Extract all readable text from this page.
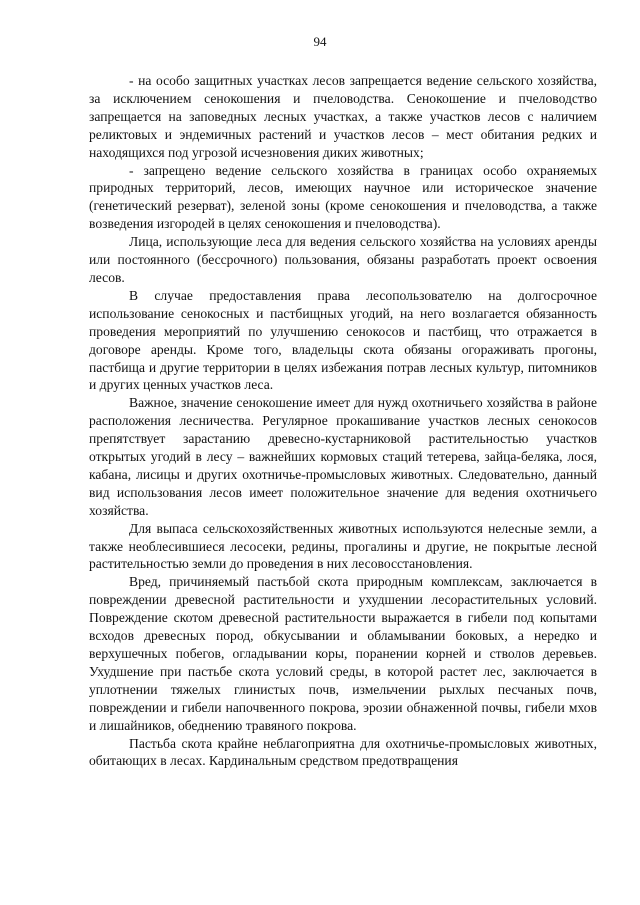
94

- на особо защитных участках лесов запрещается ведение сельского хозяйства, за исключением сенокошения и пчеловодства. Сенокошение и пчеловодство запрещается на заповедных лесных участках, а также участков лесов с наличием реликтовых и эндемичных растений и участков лесов – мест обитания редких и находящихся под угрозой исчезновения диких животных;

- запрещено ведение сельского хозяйства в границах особо охраняемых природных территорий, лесов, имеющих научное или историческое значение (генетический резерват), зеленой зоны (кроме сенокошения и пчеловодства, а также возведения изгородей в целях сенокошения и пчеловодства).

Лица, использующие леса для ведения сельского хозяйства на условиях аренды или постоянного (бессрочного) пользования, обязаны разработать проект освоения лесов.

В случае предоставления права лесопользователю на долгосрочное использование сенокосных и пастбищных угодий, на него возлагается обязанность проведения мероприятий по улучшению сенокосов и пастбищ, что отражается в договоре аренды. Кроме того, владельцы скота обязаны огораживать прогоны, пастбища и другие территории в целях избежания потрав лесных культур, питомников и других ценных участков леса.

Важное, значение сенокошение имеет для нужд охотничьего хозяйства в районе расположения лесничества. Регулярное прокашивание участков лесных сенокосов препятствует зарастанию древесно-кустарниковой растительностью участков открытых угодий в лесу – важнейших кормовых стаций тетерева, зайца-беляка, лося, кабана, лисицы и других охотничье-промысловых животных. Следовательно, данный вид использования лесов имеет положительное значение для ведения охотничьего хозяйства.

Для выпаса сельскохозяйственных животных используются нелесные земли, а также необлесившиеся лесосеки, редины, прогалины и другие, не покрытые лесной растительностью земли до проведения в них лесовосстановления.

Вред, причиняемый пастьбой скота природным комплексам, заключается в повреждении древесной растительности и ухудшении лесорастительных условий. Повреждение скотом древесной растительности выражается в гибели под копытами всходов древесных пород, обкусывании и обламывании боковых, а нередко и верхушечных побегов, огладывании коры, поранении корней и стволов деревьев. Ухудшение при пастьбе скота условий среды, в которой растет лес, заключается в уплотнении тяжелых глинистых почв, измельчении рыхлых песчаных почв, повреждении и гибели напочвенного покрова, эрозии обнаженной почвы, гибели мхов и лишайников, обеднению травяного покрова.

Пастьба скота крайне неблагоприятна для охотничье-промысловых животных, обитающих в лесах. Кардинальным средством предотвращения
